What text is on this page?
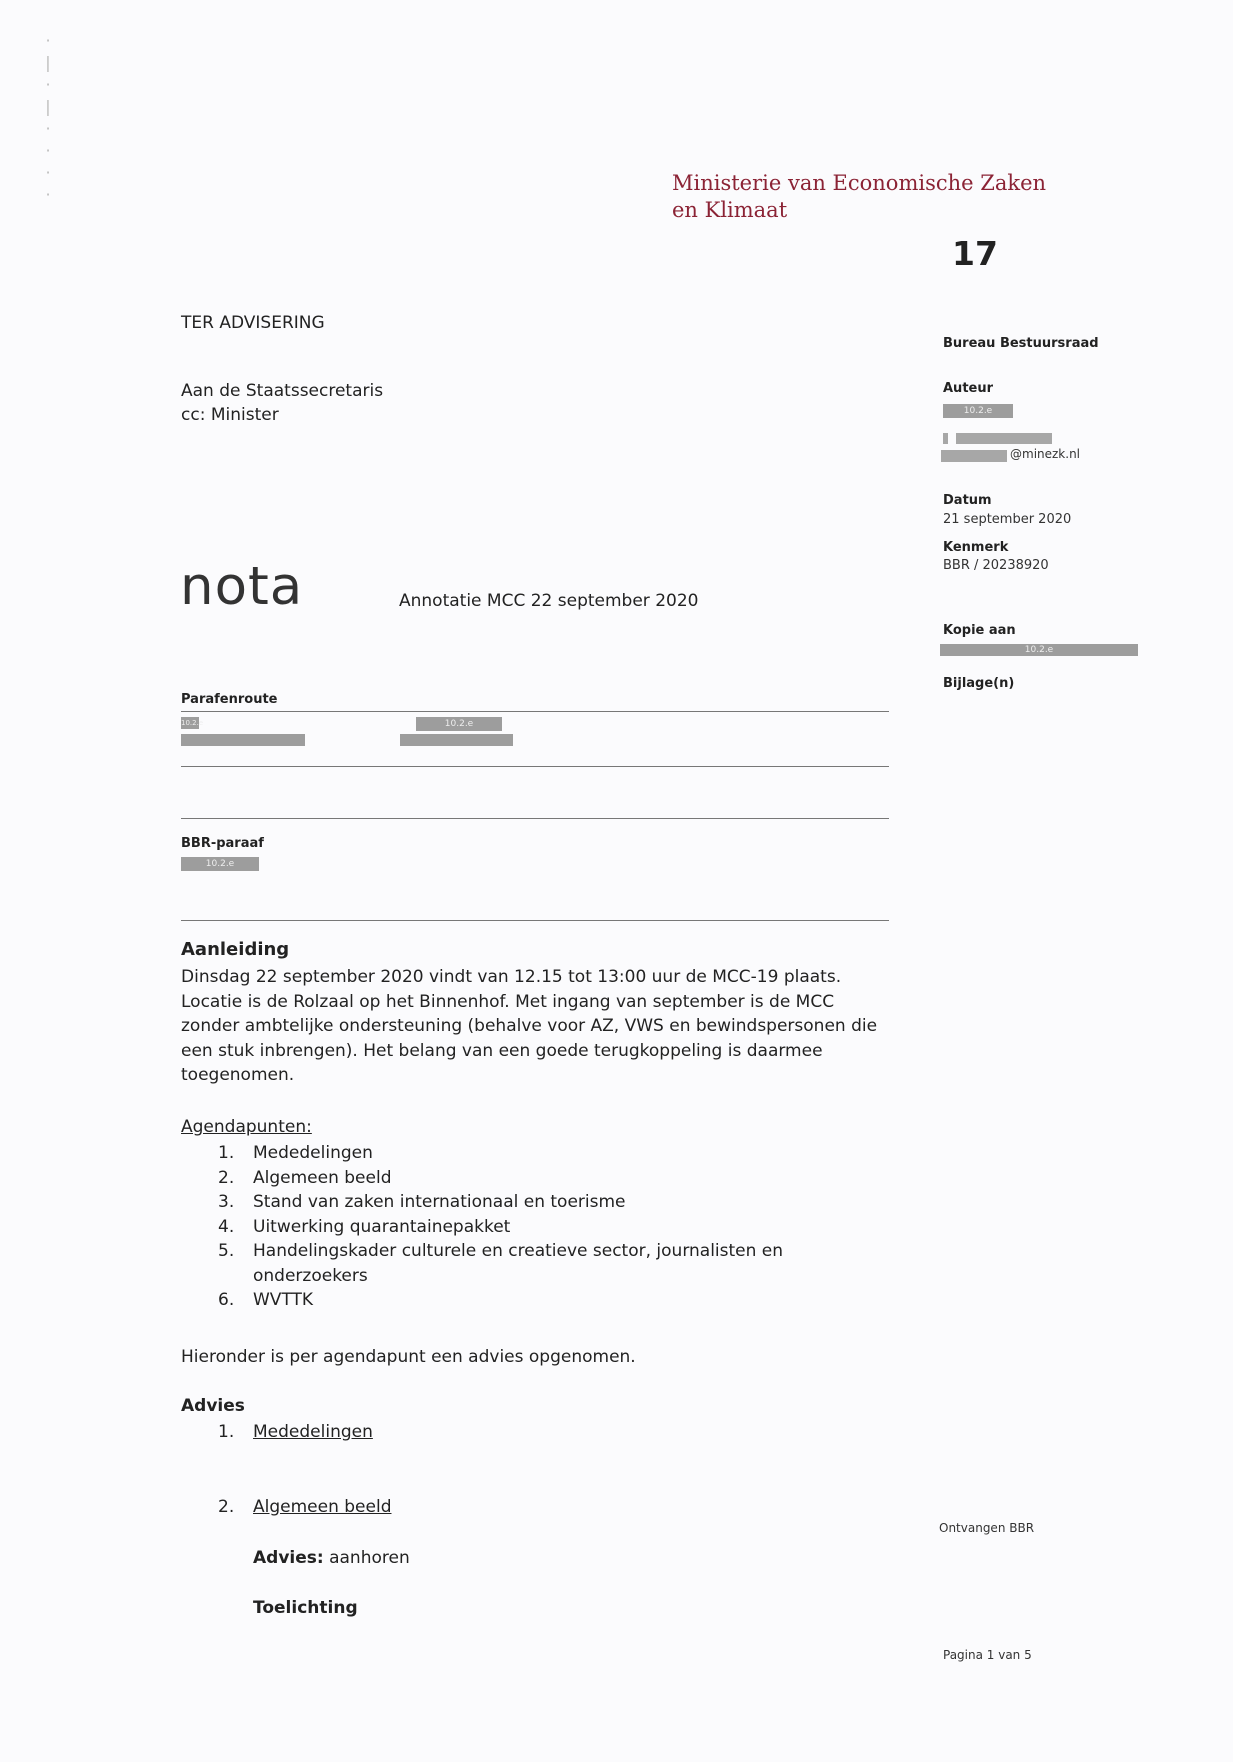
·
|
·
|
·
·
·
·	Ministerie van Economische Zaken
en Klimaat
17
TER ADVISERING
Aan de Staatssecretaris
cc: Minister
nota	Annotatie MCC 22 september 2020
Bureau Bestuursraad
Auteur
10.2.e
@minezk.nl
Datum
21 september 2020
Kenmerk
BBR / 20238920
Kopie aan
10.2.e
Bijlage(n)
Ontvangen BBR
Pagina 1 van 5
Parafenroute
10.2.e	10.2.e
BBR-paraaf
10.2.e
Aanleiding
Dinsdag 22 september 2020 vindt van 12.15 tot 13:00 uur de MCC-19 plaats.
Locatie is de Rolzaal op het Binnenhof. Met ingang van september is de MCC
zonder ambtelijke ondersteuning (behalve voor AZ, VWS en bewindspersonen die
een stuk inbrengen). Het belang van een goede terugkoppeling is daarmee
toegenomen.
Agendapunten:
1. Mededelingen
2. Algemeen beeld
3. Stand van zaken internationaal en toerisme
4. Uitwerking quarantainepakket
5. Handelingskader culturele en creatieve sector, journalisten en
onderzoekers
6. WVTTK
Hieronder is per agendapunt een advies opgenomen.
Advies
1. Mededelingen
2. Algemeen beeld
Advies: aanhoren
Toelichting
